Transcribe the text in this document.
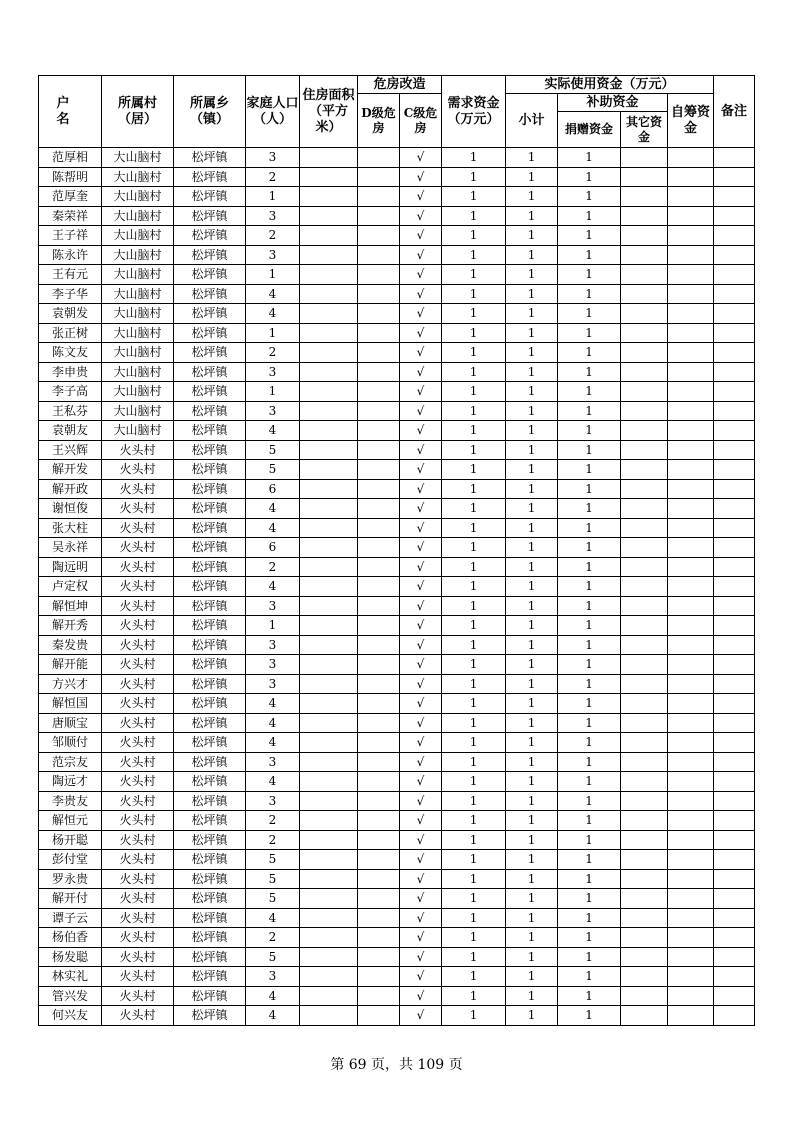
户 名	所属村（居）	所属乡（镇）	家庭人口（人）	住房面积（平方米）	危房改造		需求资金（万元）	实际使用资金（万元）				备注
					D级危房	C级危房		小计	补助资金		自筹资金	
									捐赠资金	其它资金		
范厚相	大山脑村	松坪镇	3			√	1	1	1			
陈帮明	大山脑村	松坪镇	2			√	1	1	1			
范厚奎	大山脑村	松坪镇	1			√	1	1	1			
秦荣祥	大山脑村	松坪镇	3			√	1	1	1			
王子祥	大山脑村	松坪镇	2			√	1	1	1			
陈永许	大山脑村	松坪镇	3			√	1	1	1			
王有元	大山脑村	松坪镇	1			√	1	1	1			
李子华	大山脑村	松坪镇	4			√	1	1	1			
袁朝发	大山脑村	松坪镇	4			√	1	1	1			
张正树	大山脑村	松坪镇	1			√	1	1	1			
陈文友	大山脑村	松坪镇	2			√	1	1	1			
李申贵	大山脑村	松坪镇	3			√	1	1	1			
李子高	大山脑村	松坪镇	1			√	1	1	1			
王私芬	大山脑村	松坪镇	3			√	1	1	1			
袁朝友	大山脑村	松坪镇	4			√	1	1	1			
王兴辉	火头村	松坪镇	5			√	1	1	1			
解开发	火头村	松坪镇	5			√	1	1	1			
解开政	火头村	松坪镇	6			√	1	1	1			
谢恒俊	火头村	松坪镇	4			√	1	1	1			
张大柱	火头村	松坪镇	4			√	1	1	1			
吴永祥	火头村	松坪镇	6			√	1	1	1			
陶远明	火头村	松坪镇	2			√	1	1	1			
卢定权	火头村	松坪镇	4			√	1	1	1			
解恒坤	火头村	松坪镇	3			√	1	1	1			
解开秀	火头村	松坪镇	1			√	1	1	1			
秦发贵	火头村	松坪镇	3			√	1	1	1			
解开能	火头村	松坪镇	3			√	1	1	1			
方兴才	火头村	松坪镇	3			√	1	1	1			
解恒国	火头村	松坪镇	4			√	1	1	1			
唐顺宝	火头村	松坪镇	4			√	1	1	1			
邹顺付	火头村	松坪镇	4			√	1	1	1			
范宗友	火头村	松坪镇	3			√	1	1	1			
陶远才	火头村	松坪镇	4			√	1	1	1			
李贵友	火头村	松坪镇	3			√	1	1	1			
解恒元	火头村	松坪镇	2			√	1	1	1			
杨开聪	火头村	松坪镇	2			√	1	1	1			
彭付堂	火头村	松坪镇	5			√	1	1	1			
罗永贵	火头村	松坪镇	5			√	1	1	1			
解开付	火头村	松坪镇	5			√	1	1	1			
谭子云	火头村	松坪镇	4			√	1	1	1			
杨伯香	火头村	松坪镇	2			√	1	1	1			
杨发聪	火头村	松坪镇	5			√	1	1	1			
林实礼	火头村	松坪镇	3			√	1	1	1			
管兴发	火头村	松坪镇	4			√	1	1	1			
何兴友	火头村	松坪镇	4			√	1	1	1			
第 69 页，共 109 页
